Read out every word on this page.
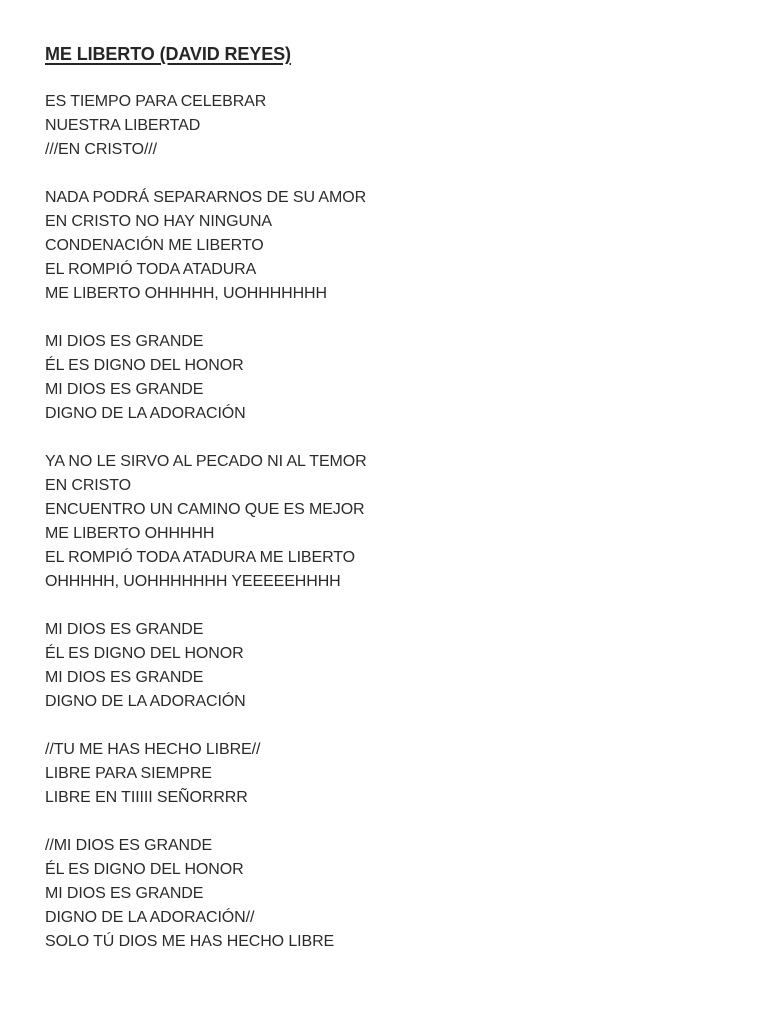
ME LIBERTO (DAVID REYES)

ES TIEMPO PARA CELEBRAR

NUESTRA LIBERTAD

///EN CRISTO///

NADA PODRÁ SEPARARNOS DE SU AMOR

EN CRISTO NO HAY NINGUNA

CONDENACIÓN ME LIBERTO

EL ROMPIÓ TODA ATADURA

ME LIBERTO OHHHHH, UOHHHHHHH

MI DIOS ES GRANDE

ÉL ES DIGNO DEL HONOR

MI DIOS ES GRANDE

DIGNO DE LA ADORACIÓN

YA NO LE SIRVO AL PECADO NI AL TEMOR

EN CRISTO

ENCUENTRO UN CAMINO QUE ES MEJOR

ME LIBERTO OHHHHH

EL ROMPIÓ TODA ATADURA ME LIBERTO

OHHHHH, UOHHHHHHH YEEEEEHHHH

MI DIOS ES GRANDE

ÉL ES DIGNO DEL HONOR

MI DIOS ES GRANDE

DIGNO DE LA ADORACIÓN

//TU ME HAS HECHO LIBRE//

LIBRE PARA SIEMPRE

LIBRE EN TIIIII SEÑORRRR

//MI DIOS ES GRANDE

ÉL ES DIGNO DEL HONOR

MI DIOS ES GRANDE

DIGNO DE LA ADORACIÓN//

SOLO TÚ DIOS ME HAS HECHO LIBRE
